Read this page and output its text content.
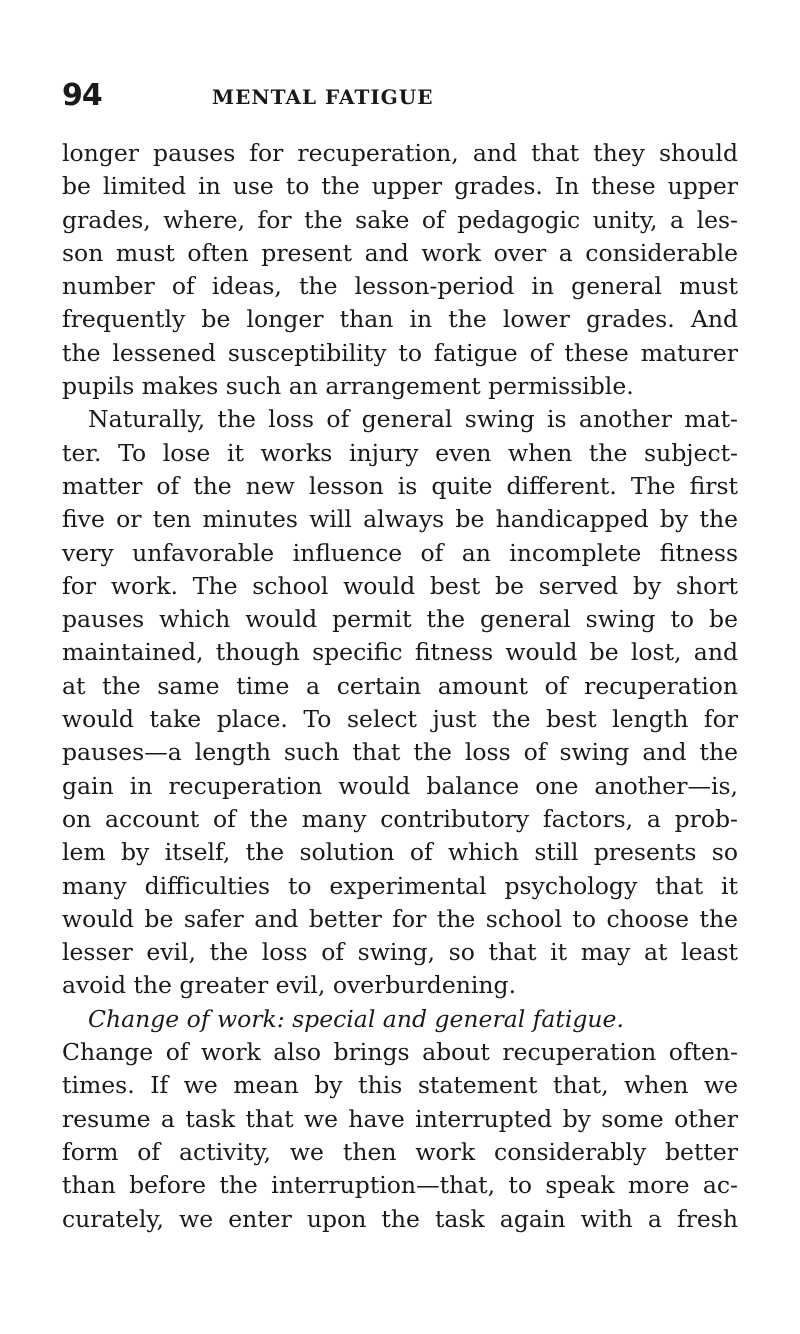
94	MENTAL FATIGUE
longer pauses for recuperation, and that they should
be limited in use to the upper grades. In these upper
grades, where, for the sake of pedagogic unity, a les-
son must often present and work over a considerable
number of ideas, the lesson-period in general must
frequently be longer than in the lower grades. And
the lessened susceptibility to fatigue of these maturer
pupils makes such an arrangement permissible.
Naturally, the loss of general swing is another mat-
ter. To lose it works injury even when the subject-
matter of the new lesson is quite different. The first
five or ten minutes will always be handicapped by the
very unfavorable influence of an incomplete fitness
for work. The school would best be served by short
pauses which would permit the general swing to be
maintained, though specific fitness would be lost, and
at the same time a certain amount of recuperation
would take place. To select just the best length for
pauses—a length such that the loss of swing and the
gain in recuperation would balance one another—is,
on account of the many contributory factors, a prob-
lem by itself, the solution of which still presents so
many difficulties to experimental psychology that it
would be safer and better for the school to choose the
lesser evil, the loss of swing, so that it may at least
avoid the greater evil, overburdening.
Change of work: special and general fatigue.
Change of work also brings about recuperation often-
times. If we mean by this statement that, when we
resume a task that we have interrupted by some other
form of activity, we then work considerably better
than before the interruption—that, to speak more ac-
curately, we enter upon the task again with a fresh
